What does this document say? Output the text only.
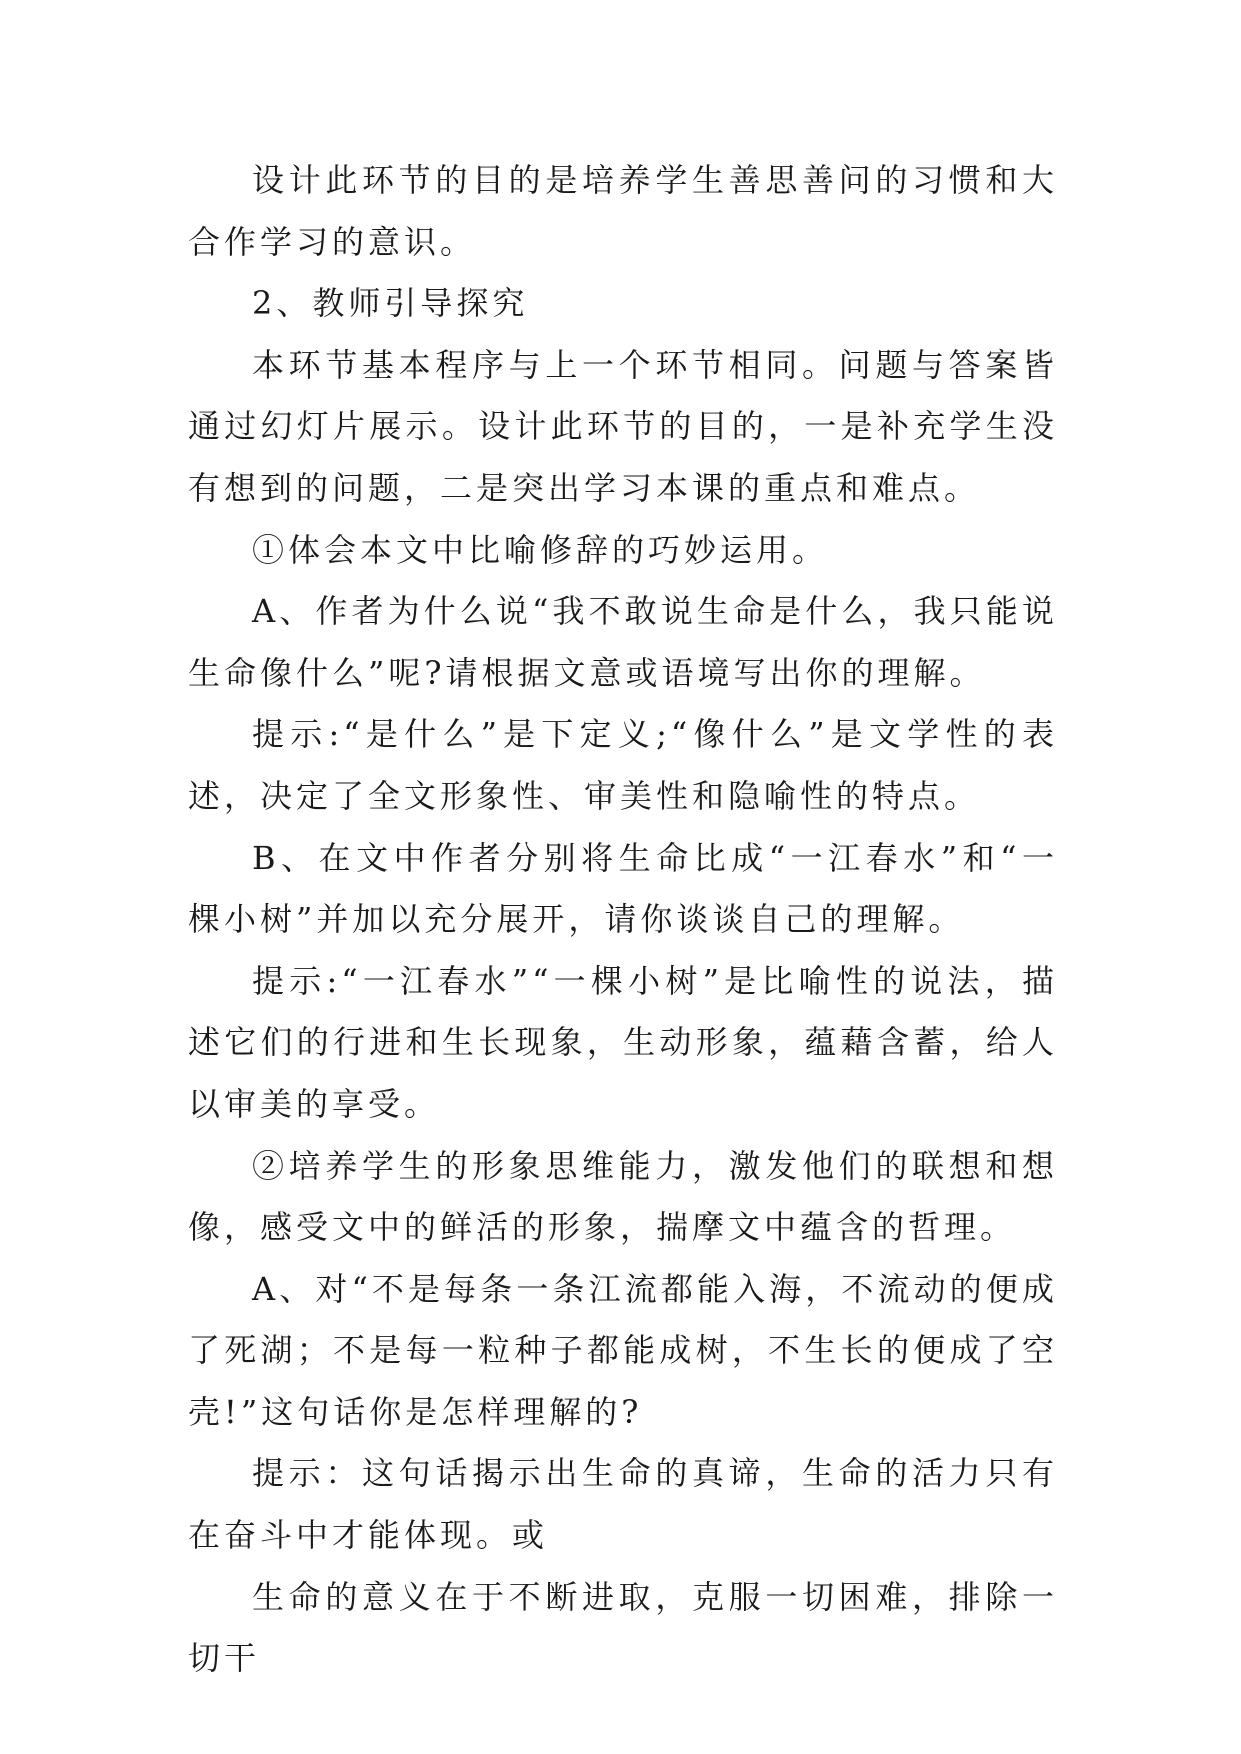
设计此环节的目的是培养学生善思善问的习惯和大合作学习的意识。

2、教师引导探究

本环节基本程序与上一个环节相同。问题与答案皆通过幻灯片展示。设计此环节的目的，一是补充学生没有想到的问题，二是突出学习本课的重点和难点。

①体会本文中比喻修辞的巧妙运用。

A、作者为什么说“我不敢说生命是什么，我只能说生命像什么”呢?请根据文意或语境写出你的理解。

提示:“是什么”是下定义;“像什么”是文学性的表述，决定了全文形象性、审美性和隐喻性的特点。

B、在文中作者分别将生命比成“一江春水”和“一棵小树”并加以充分展开，请你谈谈自己的理解。

提示:“一江春水”“一棵小树”是比喻性的说法，描述它们的行进和生长现象，生动形象，蕴藉含蓄，给人以审美的享受。

②培养学生的形象思维能力，激发他们的联想和想像，感受文中的鲜活的形象，揣摩文中蕴含的哲理。

A、对“不是每条一条江流都能入海，不流动的便成了死湖；不是每一粒种子都能成树，不生长的便成了空壳!”这句话你是怎样理解的?

提示：这句话揭示出生命的真谛，生命的活力只有在奋斗中才能体现。或

生命的意义在于不断进取，克服一切困难，排除一切干
